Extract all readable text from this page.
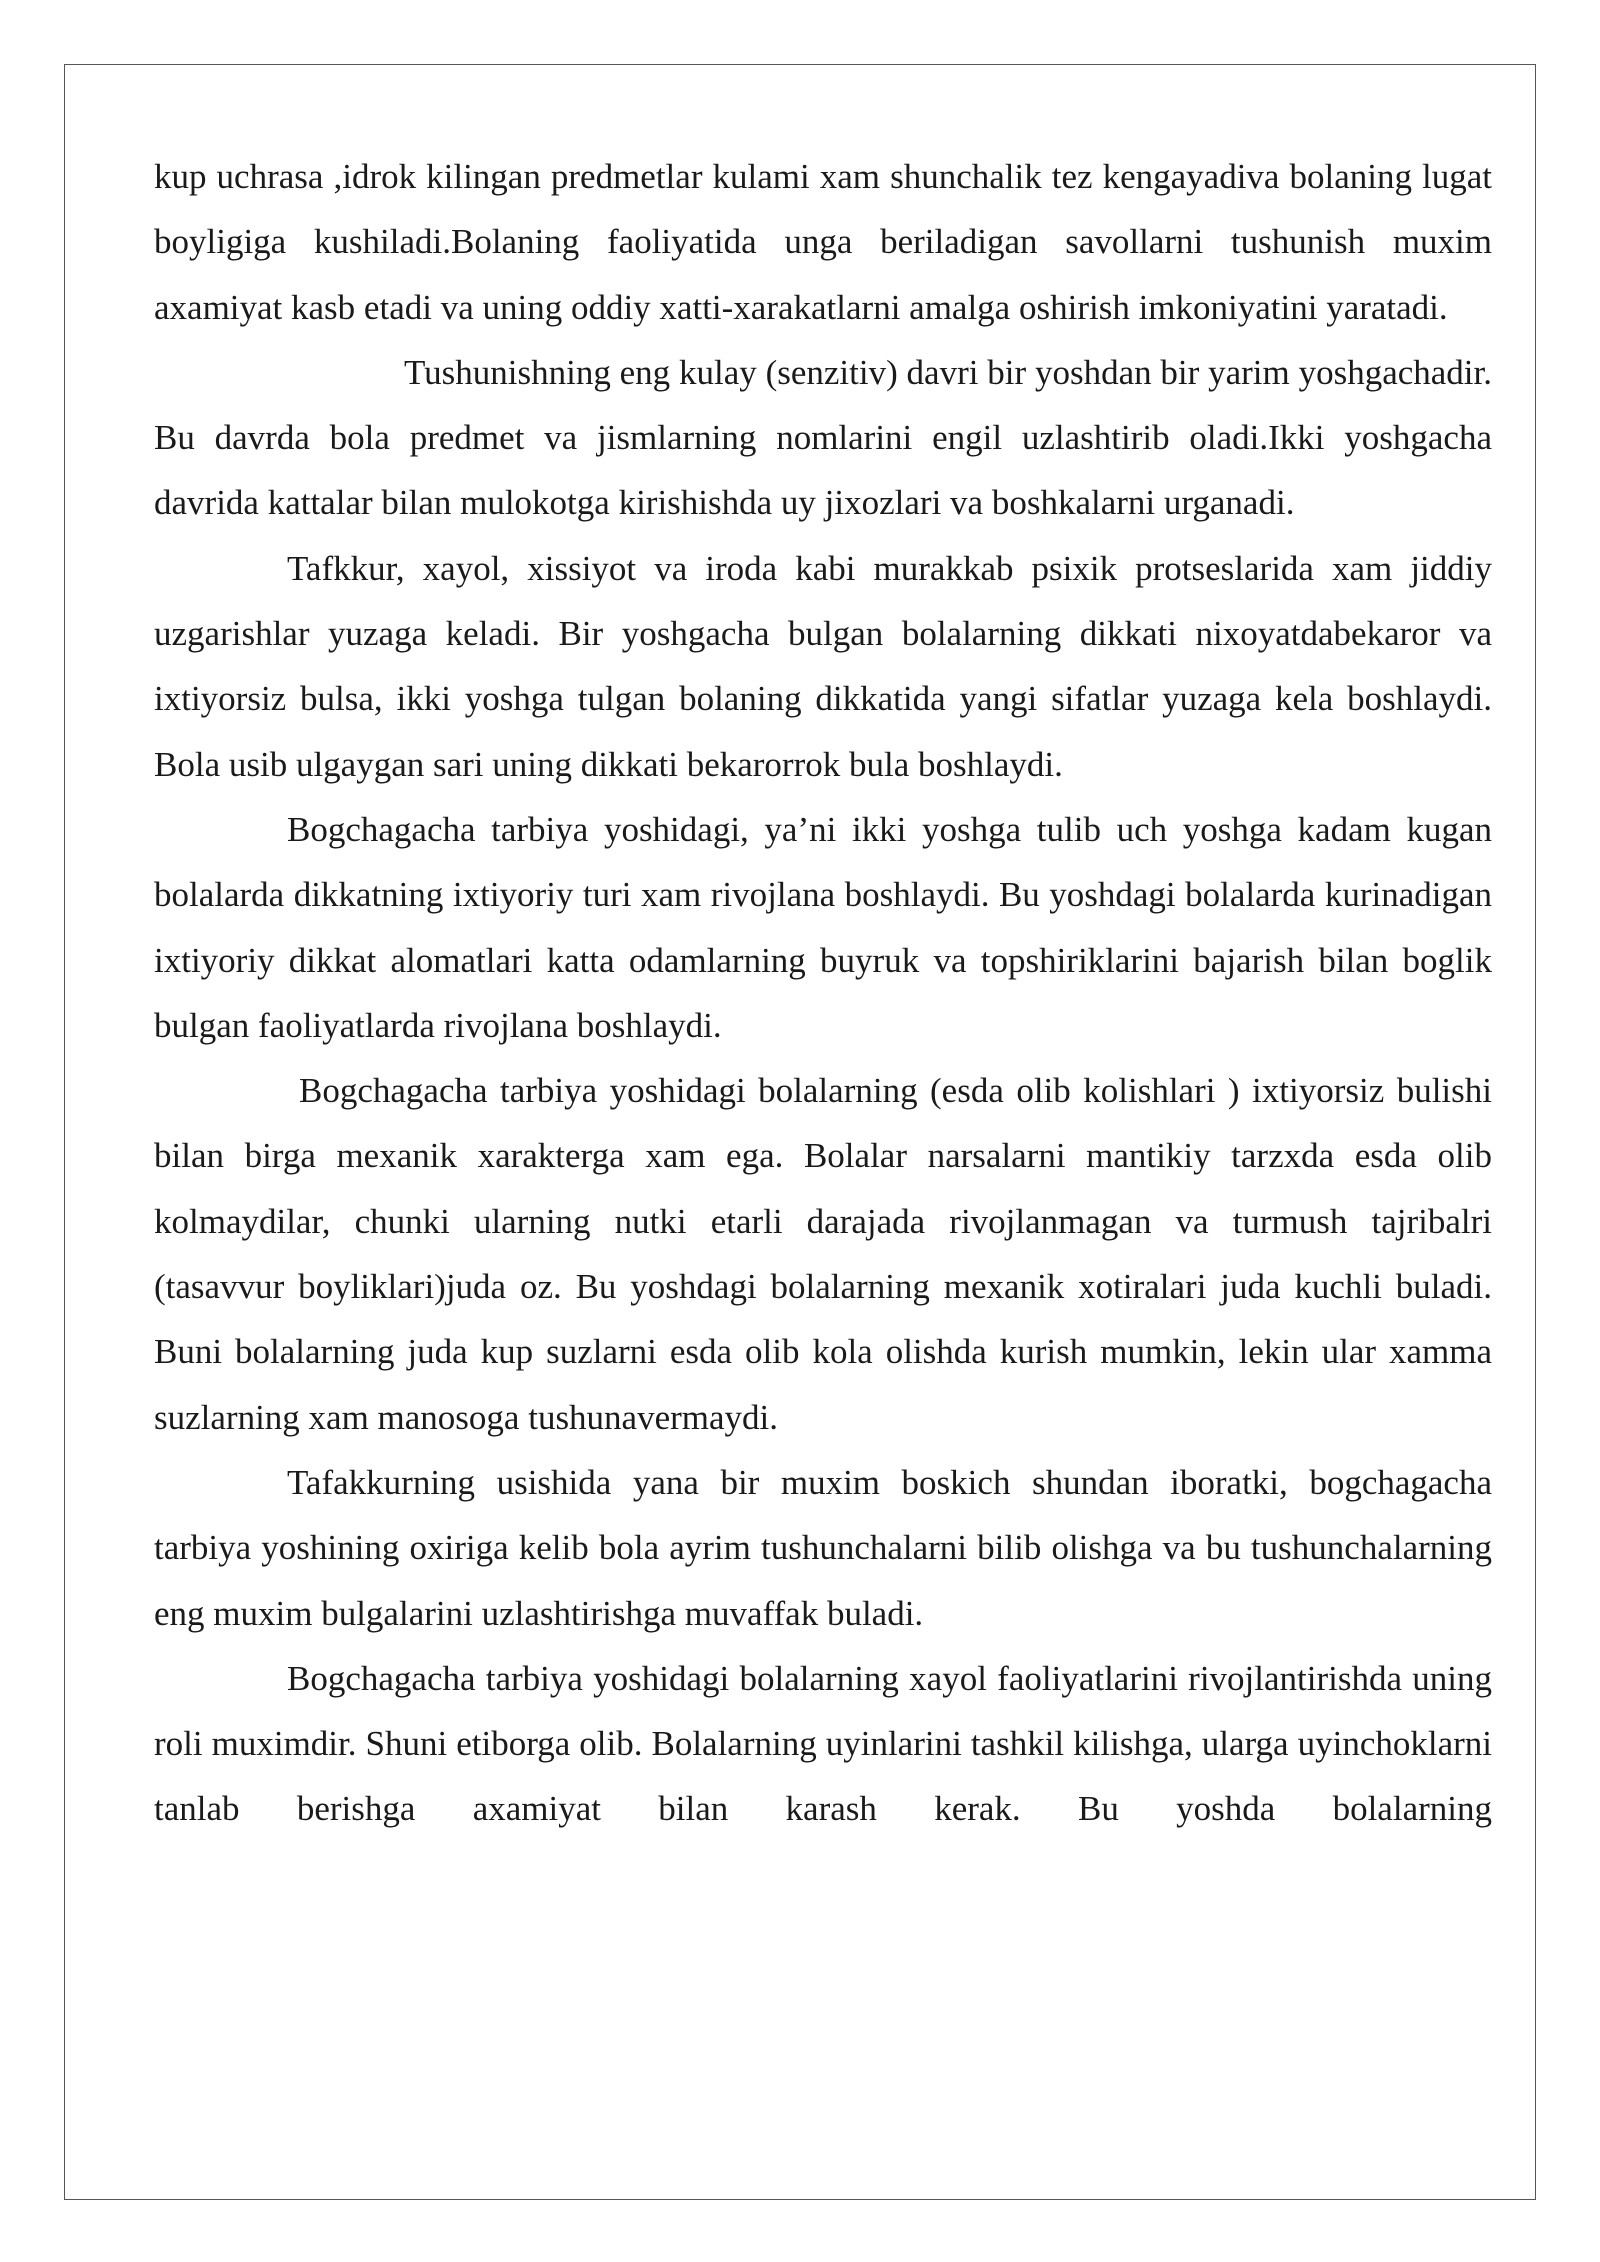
kup uchrasa ,idrok kilingan predmetlar kulami xam shunchalik tez kengayadiva bolaning lugat boyligiga kushiladi.Bolaning faoliyatida unga beriladigan savollarni tushunish muxim axamiyat kasb etadi va uning oddiy xatti-xarakatlarni amalga oshirish imkoniyatini yaratadi.

Tushunishning eng kulay (senzitiv) davri bir yoshdan bir yarim yoshgachadir. Bu davrda bola predmet va jismlarning nomlarini engil uzlashtirib oladi.Ikki yoshgacha davrida kattalar bilan mulokotga kirishishda uy jixozlari va boshkalarni urganadi.

Tafkkur, xayol, xissiyot va iroda kabi murakkab psixik protseslarida xam jiddiy uzgarishlar yuzaga keladi. Bir yoshgacha bulgan bolalarning dikkati nixoyatdabekaror va ixtiyorsiz bulsa, ikki yoshga tulgan bolaning dikkatida yangi sifatlar yuzaga kela boshlaydi. Bola usib ulgaygan sari uning dikkati bekarorrok bula boshlaydi.

Bogchagacha tarbiya yoshidagi, ya’ni ikki yoshga tulib uch yoshga kadam kugan bolalarda dikkatning ixtiyoriy turi xam rivojlana boshlaydi. Bu yoshdagi bolalarda kurinadigan ixtiyoriy dikkat alomatlari katta odamlarning buyruk va topshiriklarini bajarish bilan boglik bulgan faoliyatlarda rivojlana boshlaydi.

Bogchagacha tarbiya yoshidagi bolalarning (esda olib kolishlari ) ixtiyorsiz bulishi bilan birga mexanik xarakterga xam ega. Bolalar narsalarni mantikiy tarzxda esda olib kolmaydilar, chunki ularning nutki etarli darajada rivojlanmagan va turmush tajribalri (tasavvur boyliklari)juda oz. Bu yoshdagi bolalarning mexanik xotiralari juda kuchli buladi. Buni bolalarning juda kup suzlarni esda olib kola olishda kurish mumkin, lekin ular xamma suzlarning xam manosoga tushunavermaydi.

Tafakkurning usishida yana bir muxim boskich shundan iboratki, bogchagacha tarbiya yoshining oxiriga kelib bola ayrim tushunchalarni bilib olishga va bu tushunchalarning eng muxim bulgalarini uzlashtirishga muvaffak buladi.

Bogchagacha tarbiya yoshidagi bolalarning xayol faoliyatlarini rivojlantirishda uning roli muximdir. Shuni etiborga olib. Bolalarning uyinlarini tashkil kilishga, ularga uyinchoklarni tanlab berishga axamiyat bilan karash kerak. Bu yoshda bolalarning
